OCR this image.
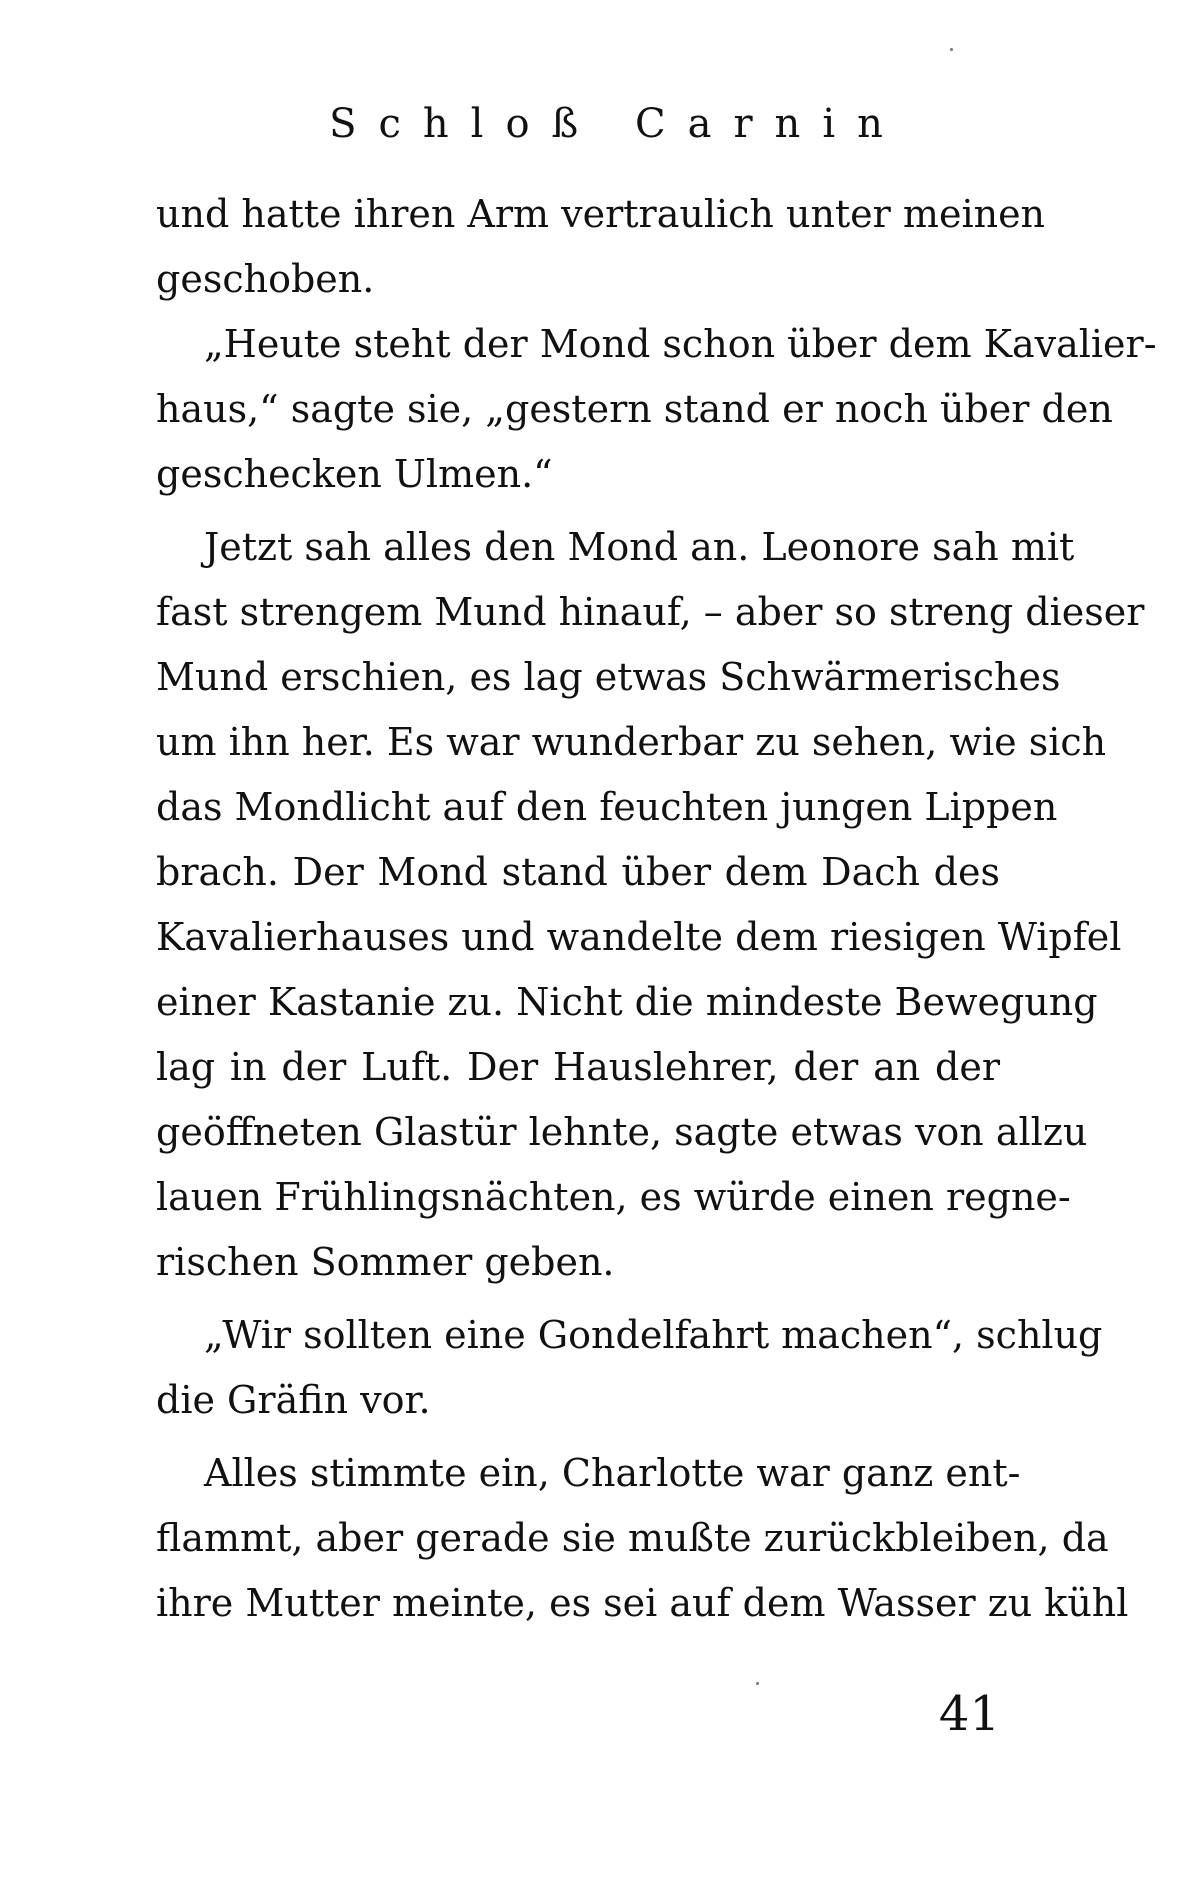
Schloß Carnin
und hatte ihren Arm vertraulich unter meinen
geschoben.
„Heute steht der Mond schon über dem Kavalier-
haus,“ sagte sie, „gestern stand er noch über den
geschecken Ulmen.“
Jetzt sah alles den Mond an. Leonore sah mit
fast strengem Mund hinauf, – aber so streng dieser
Mund erschien, es lag etwas Schwärmerisches
um ihn her. Es war wunderbar zu sehen, wie sich
das Mondlicht auf den feuchten jungen Lippen
brach. Der Mond stand über dem Dach des
Kavalierhauses und wandelte dem riesigen Wipfel
einer Kastanie zu. Nicht die mindeste Bewegung
lag in der Luft. Der Hauslehrer, der an der
geöffneten Glastür lehnte, sagte etwas von allzu
lauen Frühlingsnächten, es würde einen regne-
rischen Sommer geben.
„Wir sollten eine Gondelfahrt machen“, schlug
die Gräfin vor.
Alles stimmte ein, Charlotte war ganz ent-
flammt, aber gerade sie mußte zurückbleiben, da
ihre Mutter meinte, es sei auf dem Wasser zu kühl
41
